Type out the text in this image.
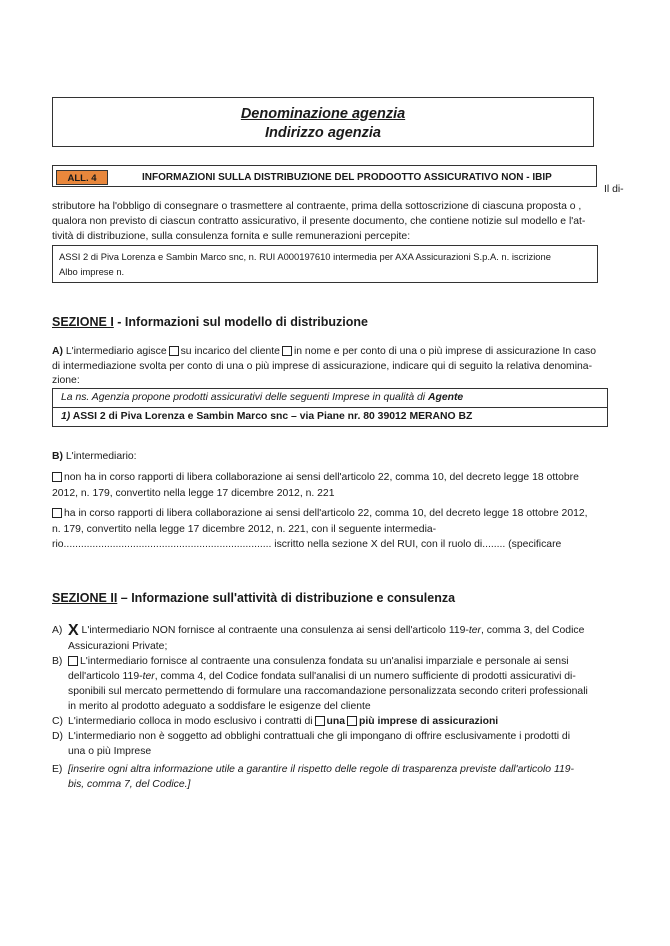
Denominazione agenzia
Indirizzo agenzia
ALL. 4	INFORMAZIONI SULLA DISTRIBUZIONE DEL PRODOOTTO ASSICURATIVO NON - IBIP
Il di-
stributore ha l'obbligo di consegnare o trasmettere al contraente, prima della sottoscrizione di ciascuna proposta o ,
qualora non previsto di ciascun contratto assicurativo, il presente documento, che contiene notizie sul modello e l'at-
tività di distribuzione, sulla consulenza fornita e sulle remunerazioni percepite:
ASSI 2 di Piva Lorenza e Sambin Marco snc, n. RUI A000197610 intermedia per AXA Assicurazioni S.p.A. n. iscrizione
Albo imprese n.
SEZIONE I - Informazioni sul modello di distribuzione
A) L'intermediario agisce su incarico del cliente in nome e per conto di una o più imprese di assicurazione In caso
di intermediazione svolta per conto di una o più imprese di assicurazione, indicare qui di seguito la relativa denomina-
zione:
La ns. Agenzia propone prodotti assicurativi delle seguenti Imprese in qualità di Agente
1) ASSI 2 di Piva Lorenza e Sambin Marco snc – via Piane nr. 80 39012 MERANO BZ
B) L'intermediario:
non ha in corso rapporti di libera collaborazione ai sensi dell'articolo 22, comma 10, del decreto legge 18 ottobre
2012, n. 179, convertito nella legge 17 dicembre 2012, n. 221
ha in corso rapporti di libera collaborazione ai sensi dell'articolo 22, comma 10, del decreto legge 18 ottobre 2012,
n. 179, convertito nella legge 17 dicembre 2012, n. 221, con il seguente intermedia-
rio........................................................................ iscritto nella sezione X del RUI, con il ruolo di........ (specificare
SEZIONE II – Informazione sull'attività di distribuzione e consulenza
A) X L'intermediario NON fornisce al contraente una consulenza ai sensi dell'articolo 119-ter, comma 3, del Codice
Assicurazioni Private;
B) L'intermediario fornisce al contraente una consulenza fondata su un'analisi imparziale e personale ai sensi
dell'articolo 119-ter, comma 4, del Codice fondata sull'analisi di un numero sufficiente di prodotti assicurativi di-
sponibili sul mercato permettendo di formulare una raccomandazione personalizzata secondo criteri professionali
in merito al prodotto adeguato a soddisfare le esigenze del cliente
C) L'intermediario colloca in modo esclusivo i contratti di una più imprese di assicurazioni
D) L'intermediario non è soggetto ad obblighi contrattuali che gli impongano di offrire esclusivamente i prodotti di
una o più Imprese
E) [inserire ogni altra informazione utile a garantire il rispetto delle regole di trasparenza previste dall'articolo 119-
bis, comma 7, del Codice.]
